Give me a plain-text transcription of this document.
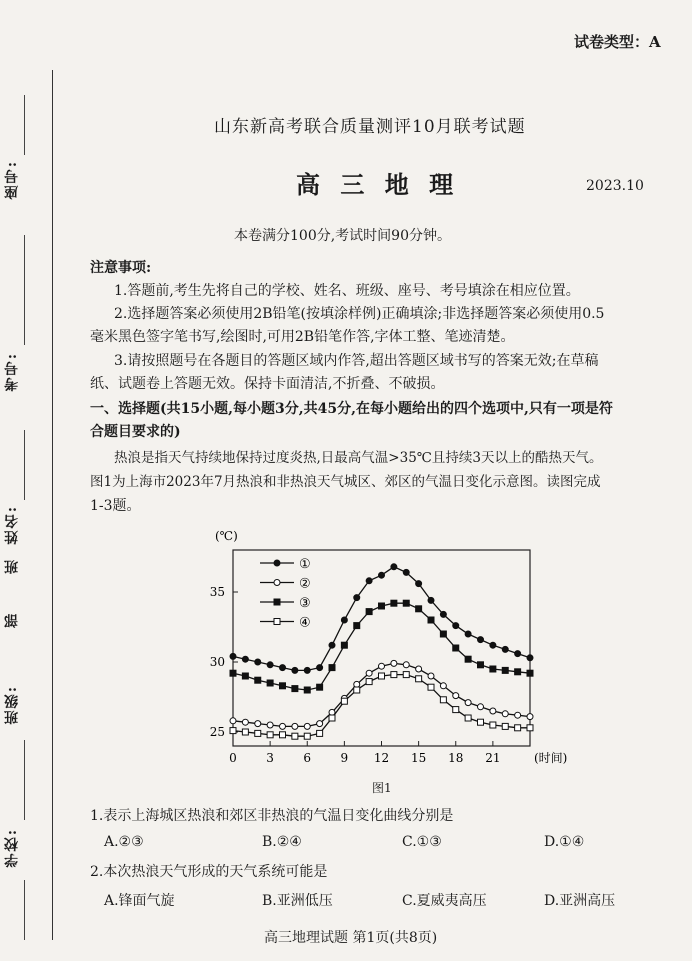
座号:
考号:
姓名:
班
部
班级:
学校:
试卷类型：A
山东新高考联合质量测评10月联考试题
高 三 地 理	2023.10
本卷满分100分,考试时间90分钟。
注意事项:
1.答题前,考生先将自己的学校、姓名、班级、座号、考号填涂在相应位置。
2.选择题答案必须使用2B铅笔(按填涂样例)正确填涂;非选择题答案必须使用0.5
毫米黑色签字笔书写,绘图时,可用2B铅笔作答,字体工整、笔迹清楚。
3.请按照题号在各题目的答题区域内作答,超出答题区域书写的答案无效;在草稿
纸、试题卷上答题无效。保持卡面清洁,不折叠、不破损。
一、选择题(共15小题,每小题3分,共45分,在每小题给出的四个选项中,只有一项是符
合题目要求的)
热浪是指天气持续地保持过度炎热,日最高气温>35℃且持续3天以上的酷热天气。
图1为上海市2023年7月热浪和非热浪天气城区、郊区的气温日变化示意图。读图完成
1-3题。
25
30
35
0 3 6 9 12 15 18 21
(℃)
(时间)
①
②
③
④
图1
1.表示上海城区热浪和郊区非热浪的气温日变化曲线分别是
A.②③	B.②④	C.①③	D.①④
2.本次热浪天气形成的天气系统可能是
A.锋面气旋	B.亚洲低压	C.夏威夷高压	D.亚洲高压
高三地理试题 第1页(共8页)
